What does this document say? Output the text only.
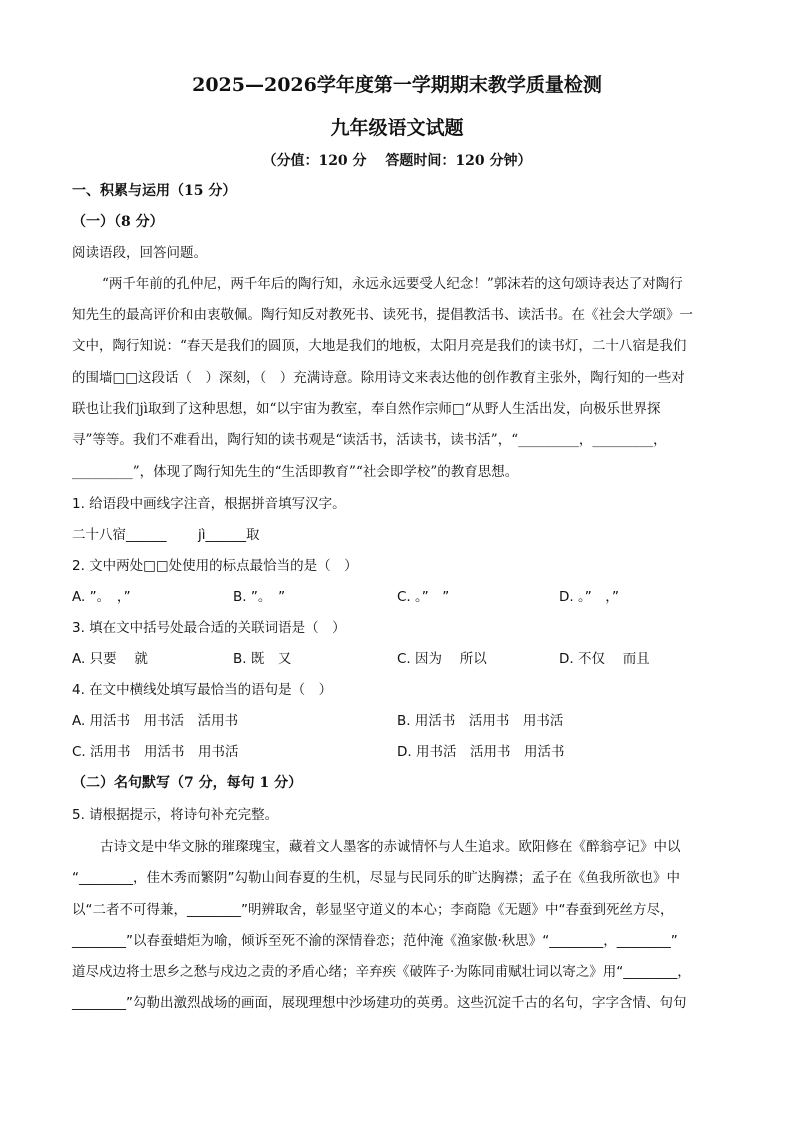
2025—2026学年度第一学期期末教学质量检测
九年级语文试题
（分值：120 分　 答题时间：120 分钟）
一、积累与运用（15 分）
（一）（8 分）
阅读语段，回答问题。
“两千年前的孔仲尼，两千年后的陶行知，永远永远要受人纪念！”郭沫若的这句颂诗表达了对陶行
知先生的最高评价和由衷敬佩。陶行知反对教死书、读死书，提倡教活书、读活书。在《社会大学颂》一
文中，陶行知说：“春天是我们的圆顶，大地是我们的地板，太阳月亮是我们的读书灯，二十八宿是我们
的围墙□□这段话（　）深刻，（　）充满诗意。除用诗文来表达他的创作教育主张外，陶行知的一些对
联也让我们jì取到了这种思想，如“以宇宙为教室，奉自然作宗师□“从野人生活出发，向极乐世界探
寻”等等。我们不难看出，陶行知的读书观是“读活书，活读书，读书活”，“_________，_________，
_________”，体现了陶行知先生的“生活即教育”“社会即学校”的教育思想。
1. 给语段中画线字注音，根据拼音填写汉字。
二十八宿______ jì______取
2. 文中两处□□处使用的标点最恰当的是（　）
A. ”。　，”	B. ”。　”	C. 。”　”	D. 。”　，”
3. 填在文中括号处最合适的关联词语是（　）
A. 只要　 就	B. 既　又	C. 因为　 所以	D. 不仅　 而且
4. 在文中横线处填写最恰当的语句是（　）
A. 用活书　用书活　活用书	B. 用活书　活用书　用书活
C. 活用书　用活书　用书活	D. 用书活　活用书　用活书
（二）名句默写（7 分，每句 1 分）
5. 请根据提示，将诗句补充完整。
古诗文是中华文脉的璀璨瑰宝，藏着文人墨客的赤诚情怀与人生追求。欧阳修在《醉翁亭记》中以
“________，佳木秀而繁阴”勾勒山间春夏的生机，尽显与民同乐的旷达胸襟；孟子在《鱼我所欲也》中
以“二者不可得兼，________”明辨取舍，彰显坚守道义的本心；李商隐《无题》中“春蚕到死丝方尽，
________”以春蚕蜡炬为喻，倾诉至死不渝的深情眷恋；范仲淹《渔家傲·秋思》“________，________”
道尽戍边将士思乡之愁与戍边之责的矛盾心绪；辛弃疾《破阵子·为陈同甫赋壮词以寄之》用“________，
________”勾勒出激烈战场的画面，展现理想中沙场建功的英勇。这些沉淀千古的名句，字字含情、句句
